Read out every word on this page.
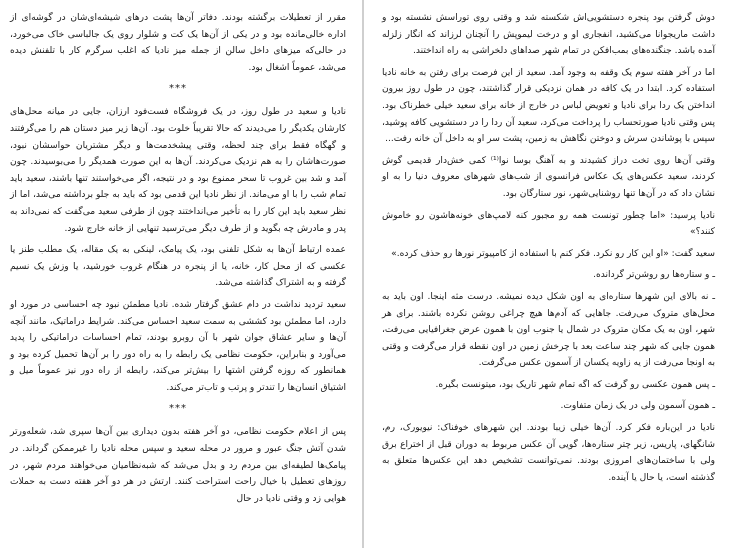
مقرر از تعطیلات برگشته بودند. دفاتر آن‌ها پشت درهای شیشه‌ای‌شان در گوشه‌ای از اداره خالی‌مانده بود و در یکی از آن‌ها یک کت و شلوار روی یک جالباسی خاک می‌خورد، در حالی‌که میزهای داخل سالن از جمله میز نادیا که اغلب سرگرم کار با تلفنش دیده می‌شد، عموماً اشغال بود.

***

نادیا و سعید در طول روز، در یک فروشگاه فست‌فود ارزان، جایی در میانه محل‌های کارشان یکدیگر را می‌دیدند که حالا تقریباً خلوت بود. آن‌ها زیر میز دستان هم را می‌گرفتند و گهگاه فقط برای چند لحظه، وقتی پیشخدمت‌ها و دیگر مشتریان حواسشان نبود، صورت‌هاشان را به هم نزدیک می‌کردند. آن‌ها به این صورت همدیگر را می‌بوسیدند. چون آمد و شد بین غروب تا سحر ممنوع بود و در نتیجه، اگر می‌خواستند تنها باشند، سعید باید تمام شب را با او می‌ماند. از نظر نادیا این قدمی بود که باید به جلو برداشته می‌شد، اما از نظر سعید باید این کار را به تأخیر می‌انداختند چون از طرفی سعید می‌گفت که نمی‌داند به پدر و مادرش چه بگوید و از طرف دیگر می‌ترسید تنهایی از خانه خارج شود.

عمده ارتباط آن‌ها به شکل تلفنی بود، یک پیامک، لینکی به یک مقاله، یک مطلب طنز یا عکسی که از محل کار، خانه، یا از پنجره در هنگام غروب خورشید، یا وزش یک نسیم گرفته و به اشتراک گذاشته می‌شد.

سعید تردید نداشت در دام عشق گرفتار شده. نادیا مطمئن نبود چه احساسی در مورد او دارد، اما مطمئن بود کششی به سمت سعید احساس می‌کند. شرایط دراماتیک، مانند آنچه آن‌ها و سایر عشاق جوان شهر با آن روبرو بودند، تمام احساسات دراماتیکی را پدید می‌آورد و بنابراین، حکومت نظامی یک رابطه را به راه دور را بر آن‌ها تحمیل کرده بود و همانطور که روزه گرفتن اشتها را بیش‌تر می‌کند، رابطه از راه دور نیز عموماً میل و اشتیاق انسان‌ها را تندتر و پرتب و تاب‌تر می‌کند.

***

پس از اعلام حکومت نظامی، دو آخر هفته بدون دیداری بین آن‌ها سپری شد، شعله‌ورتر شدن آتش جنگ عبور و مرور در محله سعید و سپس محله نادیا را غیرممکن گرداند. در پیامک‌ها لطیفه‌ای بین مردم رد و بدل می‌شد که شبه‌نظامیان می‌خواهند مردم شهر، در روزهای تعطیل با خیال راحت استراحت کنند. ارتش در هر دو آخر هفته دست به حملات هوایی زد و وقتی نادیا در حال

دوش گرفتن بود پنجره دستشویی‌اش شکسته شد و وقتی روی توراسش نشسته بود و داشت ماریجوانا می‌کشید، انفجاری او و درخت لیموپش را آنچنان لرزاند که انگار زلزله آمده باشد. جنگنده‌های بمب‌افکن در تمام شهر صداهای دلخراشی به راه انداختند.

اما در آخر هفته سوم یک وقفه به وجود آمد. سعید از این فرصت برای رفتن به خانه نادیا استفاده کرد. ابتدا در یک کافه در همان نزدیکی قرار گذاشتند، چون در طول روز بیرون انداختن یک ردا برای نادیا و تعویض لباس در خارج از خانه برای سعید خیلی خطرناک بود. پس وقتی نادیا صورتحساب را پرداخت می‌کرد، سعید آن ردا را در دستشویی کافه پوشید، سپس با پوشاندن سرش و دوختن نگاهش به زمین، پشت سر او به داخل آن خانه رفت...

وقتی آن‌ها روی تخت دراز کشیدند و به آهنگ بوسا نوا⁽¹⁾ کمی خش‌دار قدیمی گوش کردند، سعید عکس‌های یک عکاس فرانسوی از شب‌های شهرهای معروف دنیا را به او نشان داد که در آن‌ها تنها روشنایی‌شهر، نور ستارگان بود.

نادیا پرسید: «اما چطور تونست همه رو مجبور کنه لامپ‌های خونه‌هاشون رو خاموش کنند؟»

سعید گفت: «او این کار رو نکرد. فکر کنم با استفاده از کامپیوتر نورها رو حذف کرده.»

ـ و ستاره‌ها رو روشن‌تر گردانده.

ـ نه بالای این شهرها ستاره‌ای به اون شکل دیده نمیشه. درست مثه اینجا. اون باید به محل‌های متروک می‌رفت. جاهایی که آدم‌ها هیچ چراغی روشن نکرده باشند. برای هر شهر، اون به یک مکان متروک در شمال یا جنوب اون با همون عرض جغرافیایی می‌رفت، همون جایی که شهر چند ساعت بعد با چرخش زمین در اون نقطه قرار می‌گرفت و وقتی به اونجا می‌رفت از یه زاویه یکسان از آسمون عکس می‌گرفت.

ـ پس همون عکسی رو گرفت که اگه تمام شهر تاریک بود، میتونست بگیره.

ـ همون آسمون ولی در یک زمان متفاوت.

نادیا در این‌باره فکر کرد. آن‌ها خیلی زیبا بودند. این شهرهای خوفناک: نیویورک، رم، شانگهای، پاریس، زیر چتر ستاره‌ها، گویی آن عکس مربوط به دوران قبل از اختراع برق ولی با ساختمان‌های امروزی بودند. نمی‌توانست تشخیص دهد این عکس‌ها متعلق به گذشته است، یا حال یا آینده.
